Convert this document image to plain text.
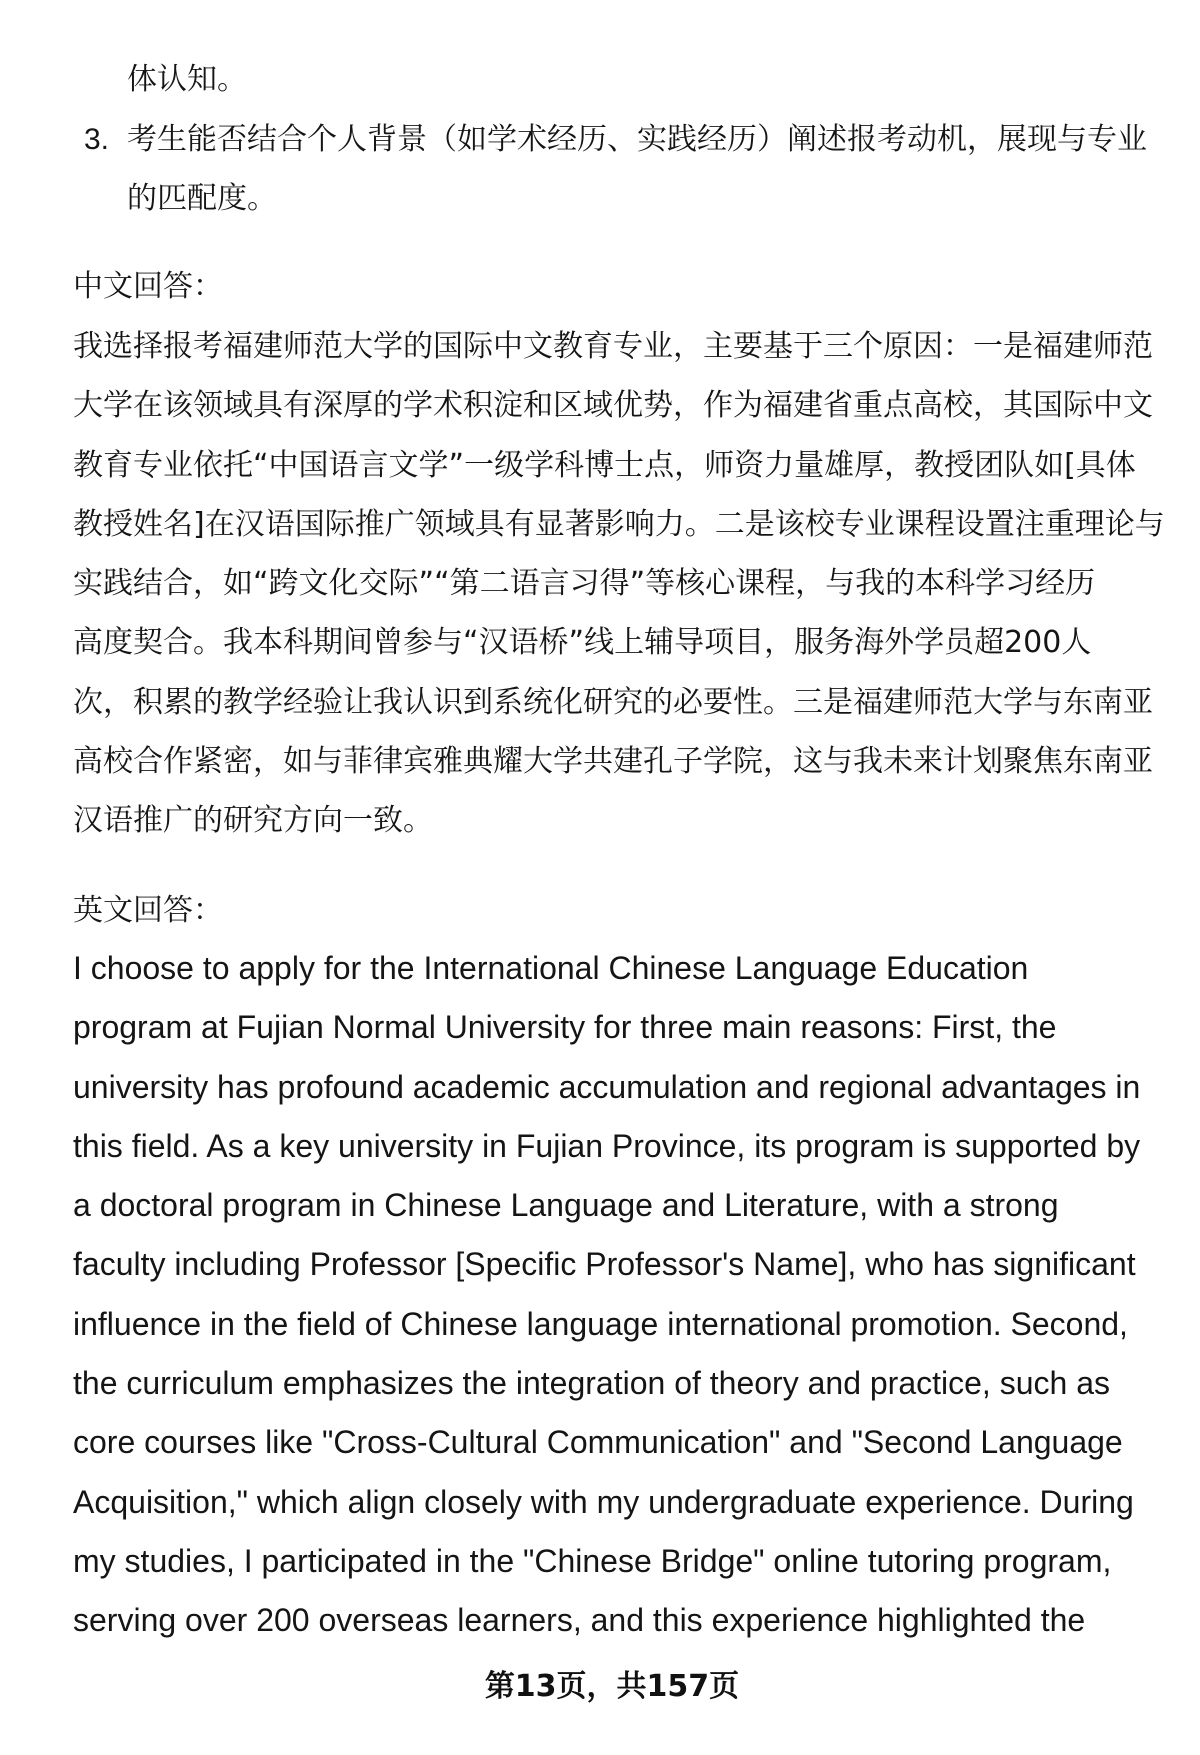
体认知。
3. 考生能否结合个人背景（如学术经历、实践经历）阐述报考动机，展现与专业
的匹配度。
中文回答：
我选择报考福建师范大学的国际中文教育专业，主要基于三个原因：一是福建师范
大学在该领域具有深厚的学术积淀和区域优势，作为福建省重点高校，其国际中文
教育专业依托“中国语言文学”一级学科博士点，师资力量雄厚，教授团队如[具体
教授姓名]在汉语国际推广领域具有显著影响力。二是该校专业课程设置注重理论与
实践结合，如“跨文化交际”“第二语言习得”等核心课程，与我的本科学习经历
高度契合。我本科期间曾参与“汉语桥”线上辅导项目，服务海外学员超200人
次，积累的教学经验让我认识到系统化研究的必要性。三是福建师范大学与东南亚
高校合作紧密，如与菲律宾雅典耀大学共建孔子学院，这与我未来计划聚焦东南亚
汉语推广的研究方向一致。
英文回答：
I choose to apply for the International Chinese Language Education
program at Fujian Normal University for three main reasons: First, the
university has profound academic accumulation and regional advantages in
this field. As a key university in Fujian Province, its program is supported by
a doctoral program in Chinese Language and Literature, with a strong
faculty including Professor [Specific Professor's Name], who has significant
influence in the field of Chinese language international promotion. Second,
the curriculum emphasizes the integration of theory and practice, such as
core courses like "Cross-Cultural Communication" and "Second Language
Acquisition," which align closely with my undergraduate experience. During
my studies, I participated in the "Chinese Bridge" online tutoring program,
serving over 200 overseas learners, and this experience highlighted the
第13页，共157页
